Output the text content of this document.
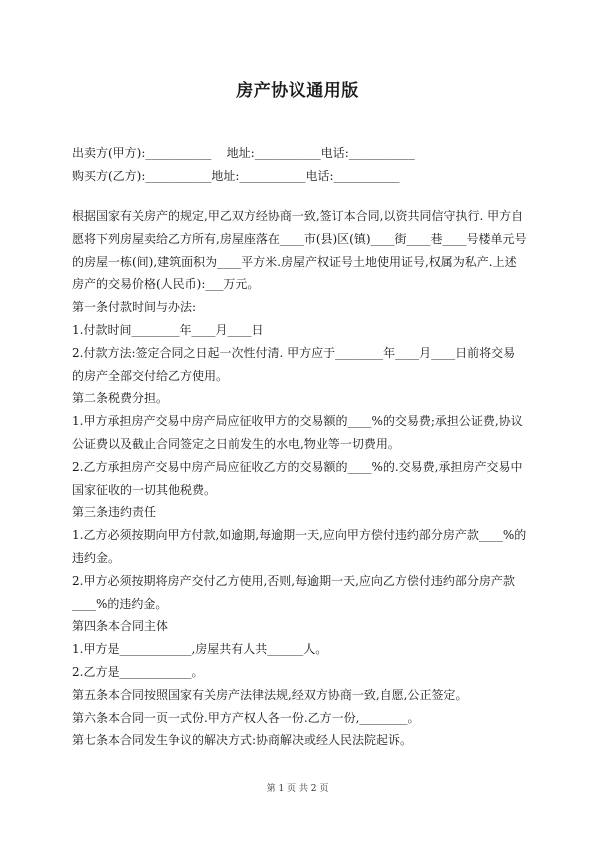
房产协议通用版
出卖方(甲方):___________    地址:___________电话:___________
购买方(乙方):___________地址:___________电话:___________

根据国家有关房产的规定,甲乙双方经协商一致,签订本合同,以资共同信守执行. 甲方自愿将下列房屋卖给乙方所有,房屋座落在____市(县)区(镇)____街____巷____号楼单元号的房屋一栋(间),建筑面积为____平方米.房屋产权证号土地使用证号,权属为私产.上述房产的交易价格(人民币):___万元。

第一条付款时间与办法:

1.付款时间________年____月____日

2.付款方法:签定合同之日起一次性付清. 甲方应于________年____月____日前将交易的房产全部交付给乙方使用。

第二条税费分担。

1.甲方承担房产交易中房产局应征收甲方的交易额的____%的交易费;承担公证费,协议公证费以及截止合同签定之日前发生的水电,物业等一切费用。

2.乙方承担房产交易中房产局应征收乙方的交易额的____%的.交易费,承担房产交易中国家征收的一切其他税费。

第三条违约责任

1.乙方必须按期向甲方付款,如逾期,每逾期一天,应向甲方偿付违约部分房产款____%的违约金。

2.甲方必须按期将房产交付乙方使用,否则,每逾期一天,应向乙方偿付违约部分房产款____%的违约金。

第四条本合同主体

1.甲方是____________,房屋共有人共______人。

2.乙方是____________。

第五条本合同按照国家有关房产法律法规,经双方协商一致,自愿,公正签定。

第六条本合同一页一式份.甲方产权人各一份.乙方一份,________。

第七条本合同发生争议的解决方式:协商解决或经人民法院起诉。

第 1 页 共 2 页
